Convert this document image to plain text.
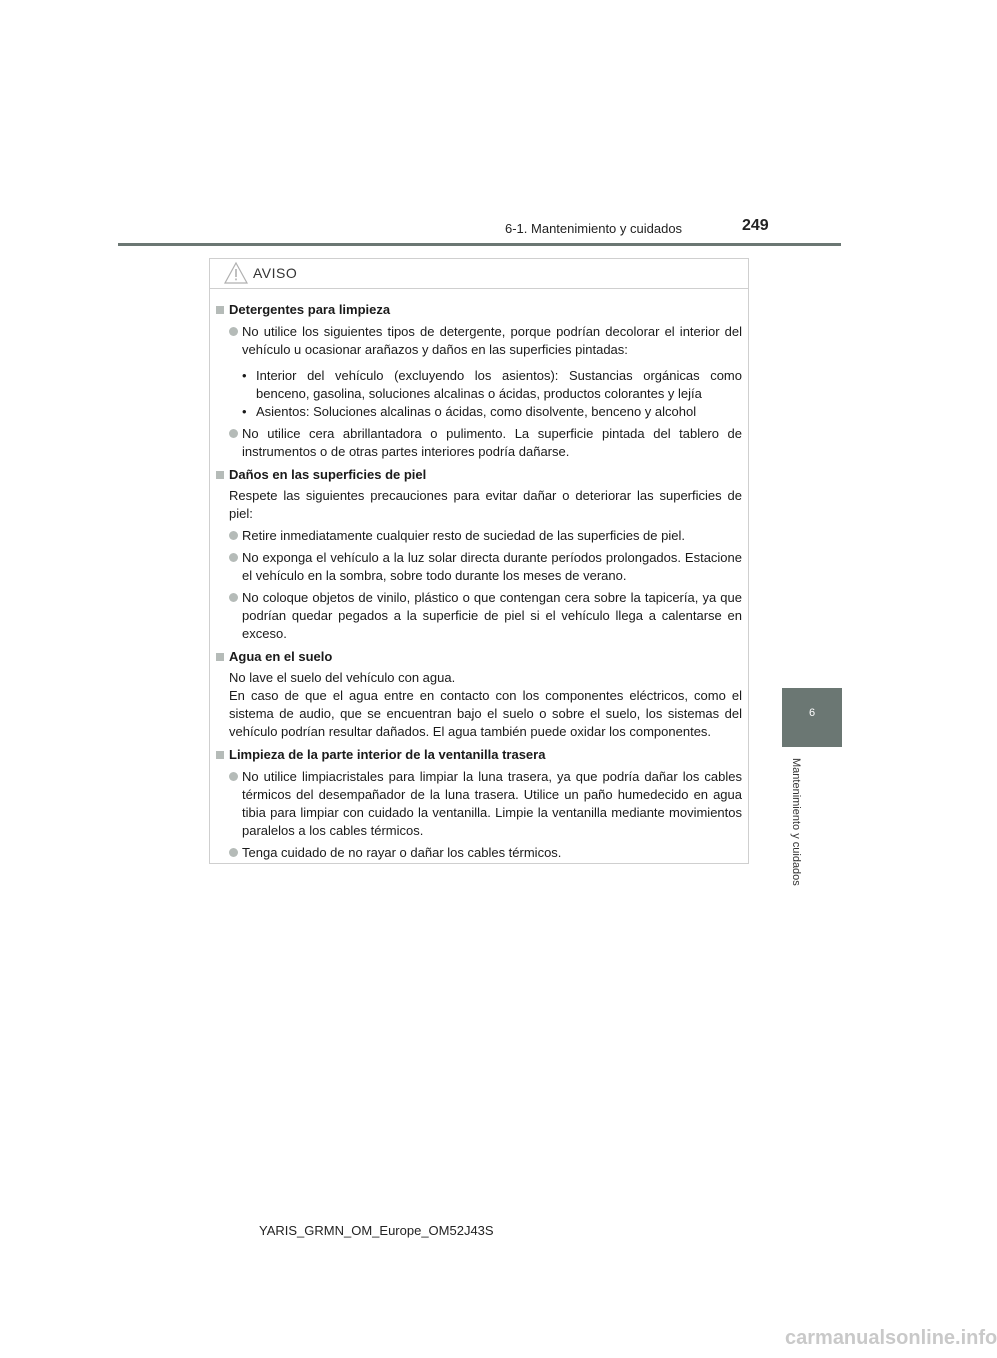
6-1. Mantenimiento y cuidados	249
6
Mantenimiento y cuidados
AVISO
Detergentes para limpieza
No utilice los siguientes tipos de detergente, porque podrían decolorar el interior del vehículo u ocasionar arañazos y daños en las superficies pintadas:
• Interior del vehículo (excluyendo los asientos): Sustancias orgánicas como benceno, gasolina, soluciones alcalinas o ácidas, productos colorantes y lejía
• Asientos: Soluciones alcalinas o ácidas, como disolvente, benceno y alcohol
No utilice cera abrillantadora o pulimento. La superficie pintada del tablero de instrumentos o de otras partes interiores podría dañarse.
Daños en las superficies de piel
Respete las siguientes precauciones para evitar dañar o deteriorar las superficies de piel:
Retire inmediatamente cualquier resto de suciedad de las superficies de piel.
No exponga el vehículo a la luz solar directa durante períodos prolongados. Estacione el vehículo en la sombra, sobre todo durante los meses de verano.
No coloque objetos de vinilo, plástico o que contengan cera sobre la tapicería, ya que podrían quedar pegados a la superficie de piel si el vehículo llega a calentarse en exceso.
Agua en el suelo
No lave el suelo del vehículo con agua.
En caso de que el agua entre en contacto con los componentes eléctricos, como el sistema de audio, que se encuentran bajo el suelo o sobre el suelo, los sistemas del vehículo podrían resultar dañados. El agua también puede oxidar los componentes.
Limpieza de la parte interior de la ventanilla trasera
No utilice limpiacristales para limpiar la luna trasera, ya que podría dañar los cables térmicos del desempañador de la luna trasera. Utilice un paño humedecido en agua tibia para limpiar con cuidado la ventanilla. Limpie la ventanilla mediante movimientos paralelos a los cables térmicos.
Tenga cuidado de no rayar o dañar los cables térmicos.
YARIS_GRMN_OM_Europe_OM52J43S
carmanualsonline.info
